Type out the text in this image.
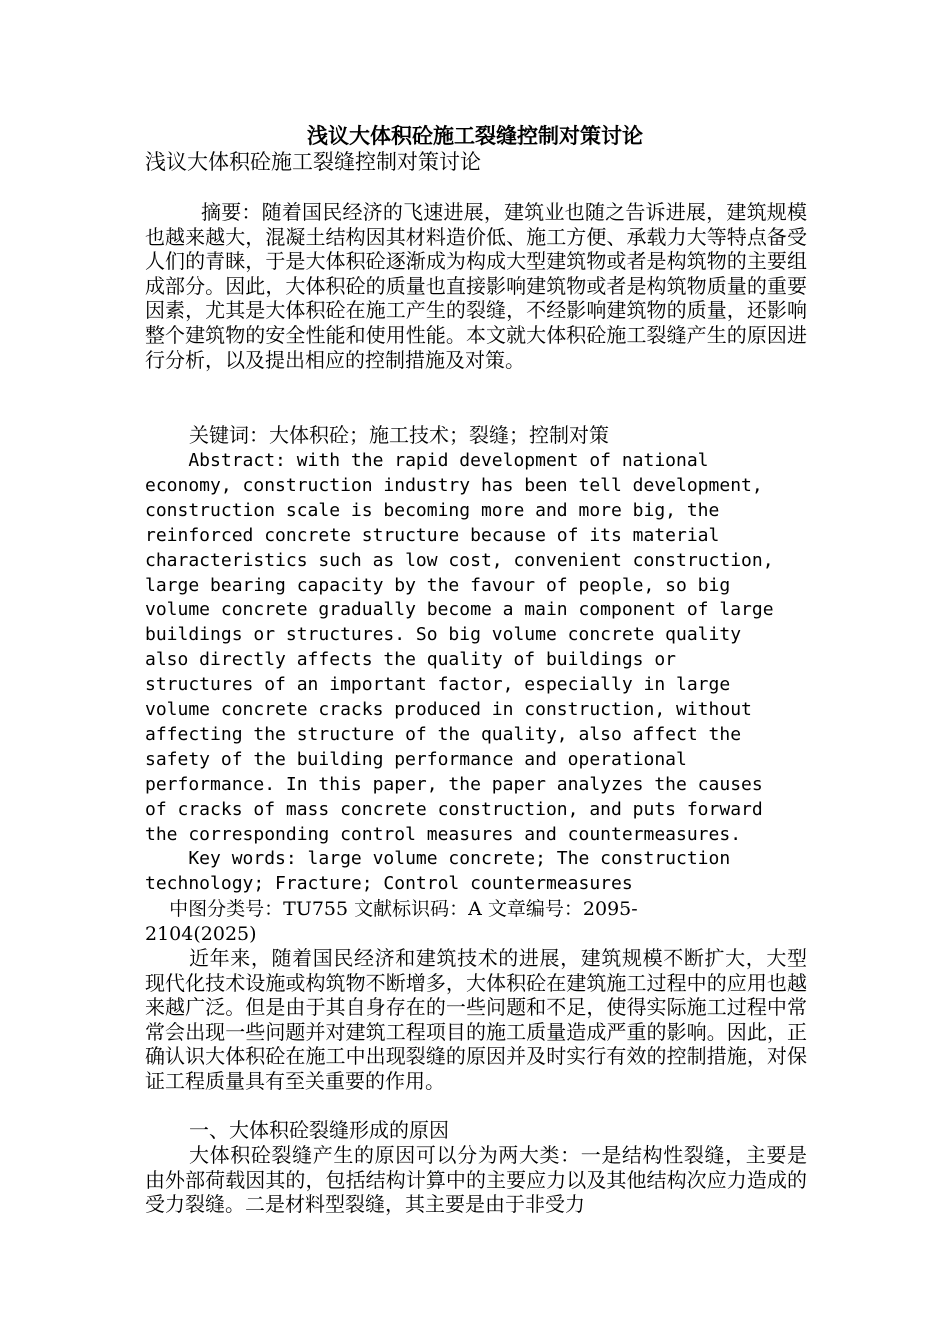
浅议大体积砼施工裂缝控制对策讨论
浅议大体积砼施工裂缝控制对策讨论
摘要：随着国民经济的飞速进展，建筑业也随之告诉进展，建筑规模也越来越大，混凝土结构因其材料造价低、施工方便、承载力大等特点备受人们的青睐，于是大体积砼逐渐成为构成大型建筑物或者是构筑物的主要组成部分。因此，大体积砼的质量也直接影响建筑物或者是构筑物质量的重要因素，尤其是大体积砼在施工产生的裂缝，不经影响建筑物的质量，还影响整个建筑物的安全性能和使用性能。本文就大体积砼施工裂缝产生的原因进行分析，以及提出相应的控制措施及对策。
关键词：大体积砼；施工技术；裂缝；控制对策
Abstract: with the rapid development of national
economy, construction industry has been tell development,
construction scale is becoming more and more big, the
reinforced concrete structure because of its material
characteristics such as low cost, convenient construction,
large bearing capacity by the favour of people, so big
volume concrete gradually become a main component of large
buildings or structures. So big volume concrete quality
also directly affects the quality of buildings or
structures of an important factor, especially in large
volume concrete cracks produced in construction, without
affecting the structure of the quality, also affect the
safety of the building performance and operational
performance. In this paper, the paper analyzes the causes
of cracks of mass concrete construction, and puts forward
the corresponding control measures and countermeasures.
Key words: large volume concrete; The construction
technology; Fracture; Control countermeasures
中图分类号：TU755 文献标识码：A 文章编号：2095-
2104(2025)
近年来，随着国民经济和建筑技术的进展，建筑规模不断扩大，大型现代化技术设施或构筑物不断增多，大体积砼在建筑施工过程中的应用也越来越广泛。但是由于其自身存在的一些问题和不足，使得实际施工过程中常常会出现一些问题并对建筑工程项目的施工质量造成严重的影响。因此，正确认识大体积砼在施工中出现裂缝的原因并及时实行有效的控制措施，对保证工程质量具有至关重要的作用。
一、大体积砼裂缝形成的原因
大体积砼裂缝产生的原因可以分为两大类：一是结构性裂缝，主要是由外部荷载因其的，包括结构计算中的主要应力以及其他结构次应力造成的受力裂缝。二是材料型裂缝，其主要是由于非受力
